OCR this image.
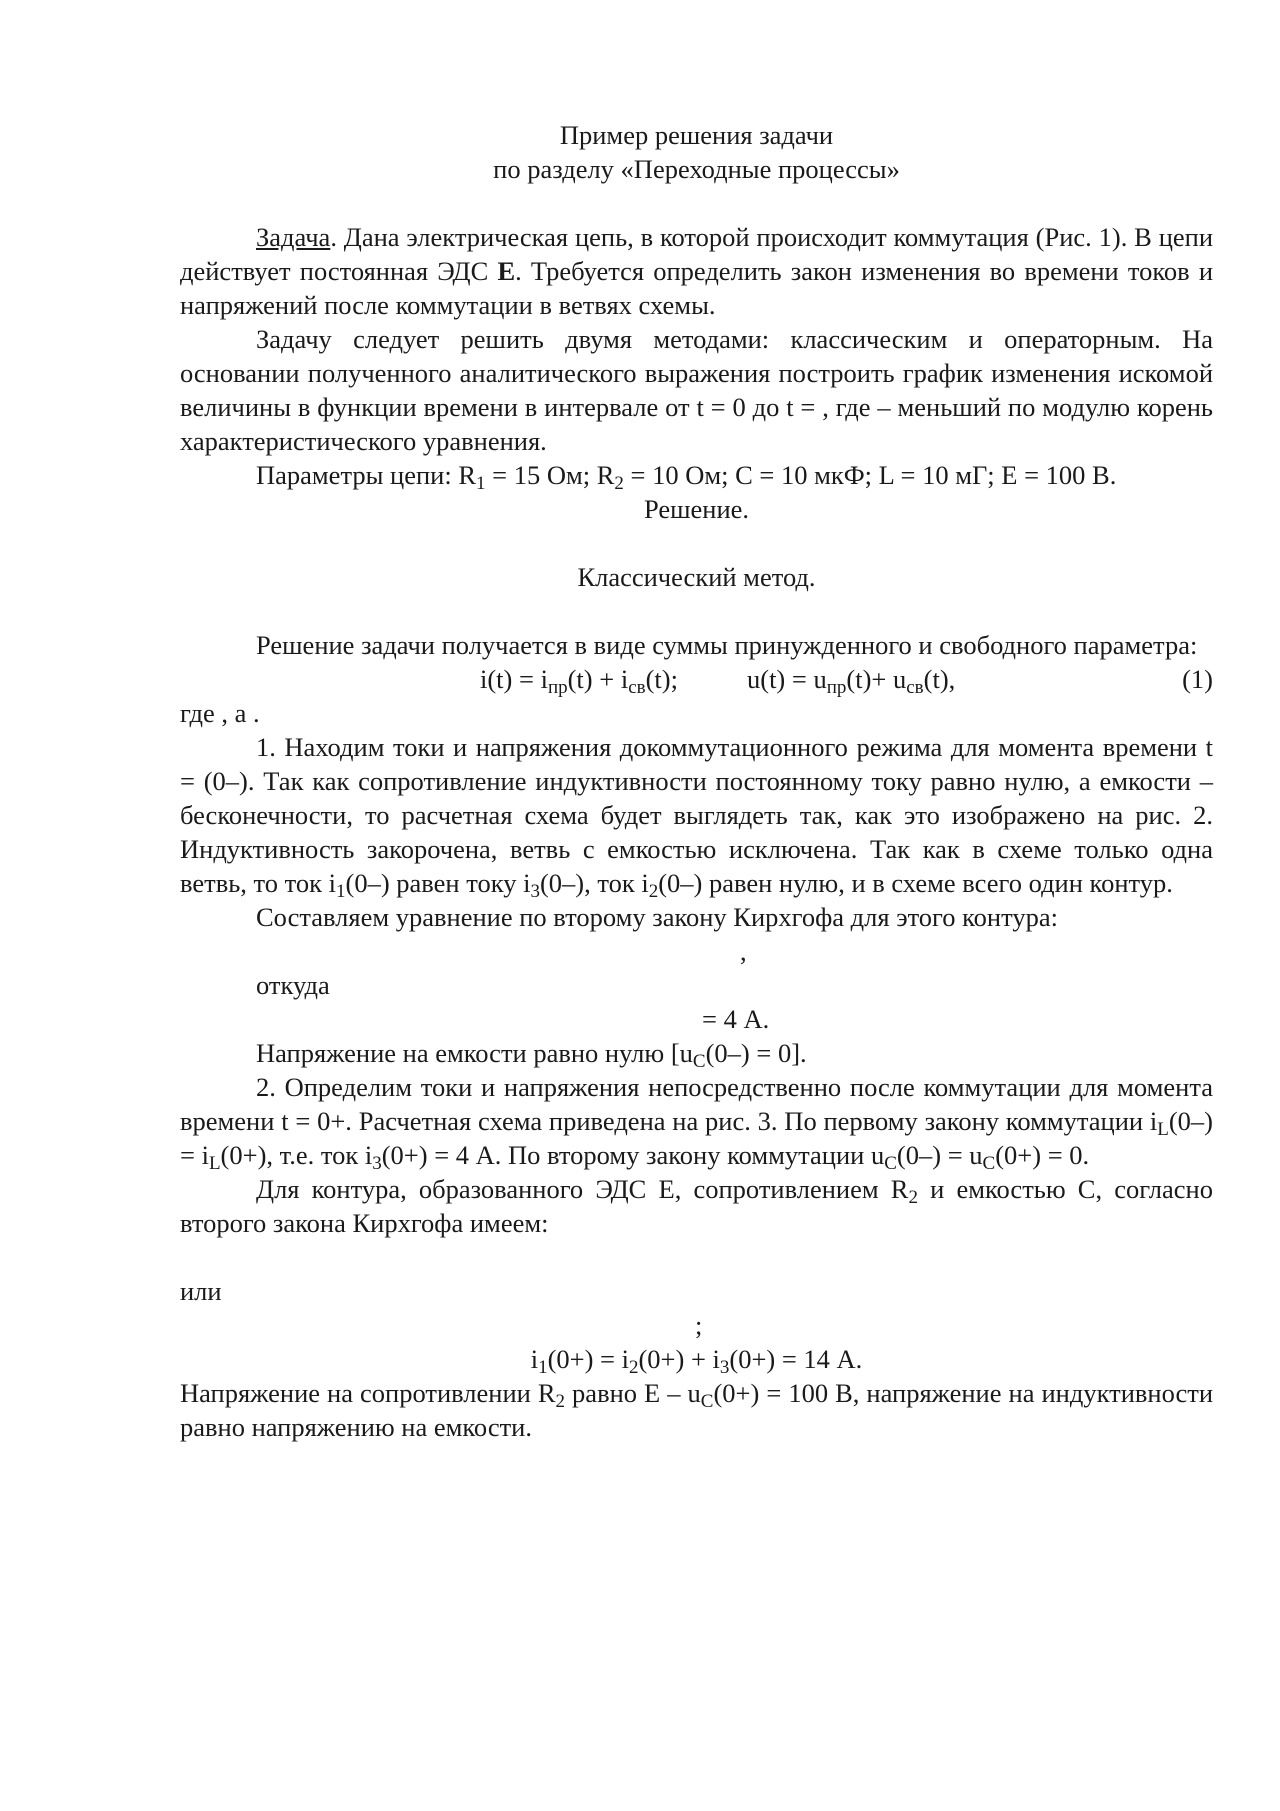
Пример решения задачи
по разделу «Переходные процессы»

Задача. Дана электрическая цепь, в которой происходит коммутация (Рис. 1). В цепи действует постоянная ЭДС E. Требуется определить закон изменения во времени токов и напряжений после коммутации в ветвях схемы.

Задачу следует решить двумя методами: классическим и операторным. На основании полученного аналитического выражения построить график изменения искомой величины в функции времени в интервале от t = 0 до t = , где – меньший по модулю корень характеристического уравнения.

Параметры цепи: $R_1 = 15$ Ом; $R_2 = 10$ Ом; С = 10 мкФ; L = 10 мГ; E = 100 В.

Решение.
Классический метод.

Решение задачи получается в виде суммы принужденного и свободного параметра:

$i(t) = i_{пр}(t) + i_{св}(t)$;	$u(t) = u_{пр}(t)+ u_{св}(t)$,	(1)
где , а .

1. Находим токи и напряжения докоммутационного режима для момента времени t = (0–). Так как сопротивление индуктивности постоянному току равно нулю, а емкости – бесконечности, то расчетная схема будет выглядеть так, как это изображено на рис. 2. Индуктивность закорочена, ветвь с емкостью исключена. Так как в схеме только одна ветвь, то ток $i_1(0-)$ равен току $i_3(0-)$, ток $i_2(0-)$ равен нулю, и в схеме всего один контур.

Составляем уравнение по второму закону Кирхгофа для этого контура:

,
откуда
= 4 А.

Напряжение на емкости равно нулю $[u_C(0-) = 0]$.

2. Определим токи и напряжения непосредственно после коммутации для момента времени t = 0+. Расчетная схема приведена на рис. 3. По первому закону коммутации $i_L(0-) = i_L(0+)$, т.е. ток $i_3(0+) = 4$ А. По второму закону коммутации $u_C(0-) = u_C(0+) = 0$.

Для контура, образованного ЭДС Е, сопротивлением $R_2$ и емкостью С, согласно второго закона Кирхгофа имеем:

или
;
$i_1(0+) = i_2(0+) + i_3(0+) = 14$ А.

Напряжение на сопротивлении $R_2$ равно $E - u_C(0+) = 100$ В, напряжение на индуктивности равно напряжению на емкости.
